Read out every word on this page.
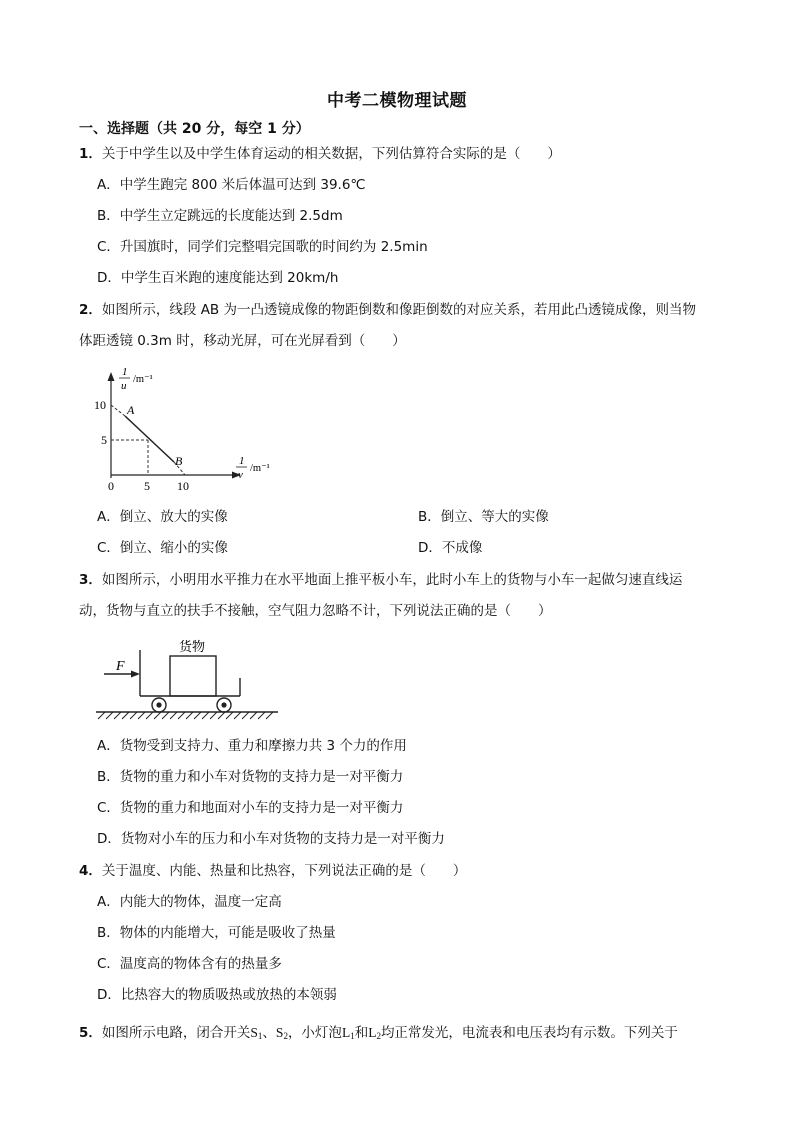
中考二模物理试题
一、选择题（共 20 分，每空 1 分）
1．关于中学生以及中学生体育运动的相关数据，下列估算符合实际的是（　　）
A．中学生跑完 800 米后体温可达到 39.6℃
B．中学生立定跳远的长度能达到 2.5dm
C．升国旗时，同学们完整唱完国歌的时间约为 2.5min
D．中学生百米跑的速度能达到 20km/h
2．如图所示，线段 AB 为一凸透镜成像的物距倒数和像距倒数的对应关系，若用此凸透镜成像，则当物
体距透镜 0.3m 时，移动光屏，可在光屏看到（　　）
1
u
/m⁻¹
1
v
/m⁻¹
10
5
0	5 10
A
B
A．倒立、放大的实像	B．倒立、等大的实像
C．倒立、缩小的实像	D．不成像
3．如图所示，小明用水平推力在水平地面上推平板小车，此时小车上的货物与小车一起做匀速直线运
动，货物与直立的扶手不接触，空气阻力忽略不计，下列说法正确的是（　　）
货物
F
A．货物受到支持力、重力和摩擦力共 3 个力的作用
B．货物的重力和小车对货物的支持力是一对平衡力
C．货物的重力和地面对小车的支持力是一对平衡力
D．货物对小车的压力和小车对货物的支持力是一对平衡力
4．关于温度、内能、热量和比热容，下列说法正确的是（　　）
A．内能大的物体，温度一定高
B．物体的内能增大，可能是吸收了热量
C．温度高的物体含有的热量多
D．比热容大的物质吸热或放热的本领弱
5．如图所示电路，闭合开关$S_1$、$S_2$，小灯泡$L_1$和$L_2$均正常发光，电流表和电压表均有示数。下列关于
